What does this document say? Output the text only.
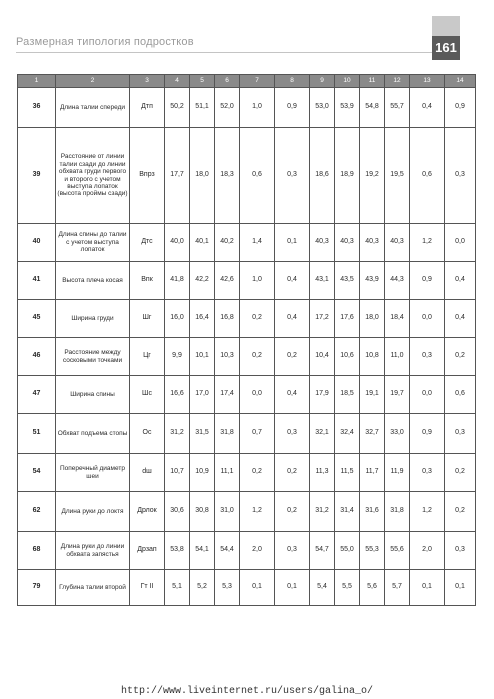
Размерная типология подростков	161
1	2	3	4	5	6	7	8	9	10	11	12	13	14
36	Длина талии спереди	Дтп	50,2	51,1	52,0	1,0	0,9	53,0	53,9	54,8	55,7	0,4	0,9
39	Расстояние от линии талии сзади до линии обхвата груди первого и второго с учетом выступа лопаток (высота проймы сзади)	Впрз	17,7	18,0	18,3	0,6	0,3	18,6	18,9	19,2	19,5	0,6	0,3
40	Длина спины до талии с учетом выступа лопаток	Дтс	40,0	40,1	40,2	1,4	0,1	40,3	40,3	40,3	40,3	1,2	0,0
41	Высота плеча косая	Впк	41,8	42,2	42,6	1,0	0,4	43,1	43,5	43,9	44,3	0,9	0,4
45	Ширина груди	Шг	16,0	16,4	16,8	0,2	0,4	17,2	17,6	18,0	18,4	0,0	0,4
46	Расстояние между сосковыми точками	Цг	9,9	10,1	10,3	0,2	0,2	10,4	10,6	10,8	11,0	0,3	0,2
47	Ширина спины	Шс	16,6	17,0	17,4	0,0	0,4	17,9	18,5	19,1	19,7	0,0	0,6
51	Обхват подъема стопы	Ос	31,2	31,5	31,8	0,7	0,3	32,1	32,4	32,7	33,0	0,9	0,3
54	Поперечный диаметр шеи	dш	10,7	10,9	11,1	0,2	0,2	11,3	11,5	11,7	11,9	0,3	0,2
62	Длина руки до локтя	Дрлок	30,6	30,8	31,0	1,2	0,2	31,2	31,4	31,6	31,8	1,2	0,2
68	Длина руки до линии обхвата запястья	Дрзап	53,8	54,1	54,4	2,0	0,3	54,7	55,0	55,3	55,6	2,0	0,3
79	Глубина талии второй	Гт II	5,1	5,2	5,3	0,1	0,1	5,4	5,5	5,6	5,7	0,1	0,1
http://www.liveinternet.ru/users/galina_o/
